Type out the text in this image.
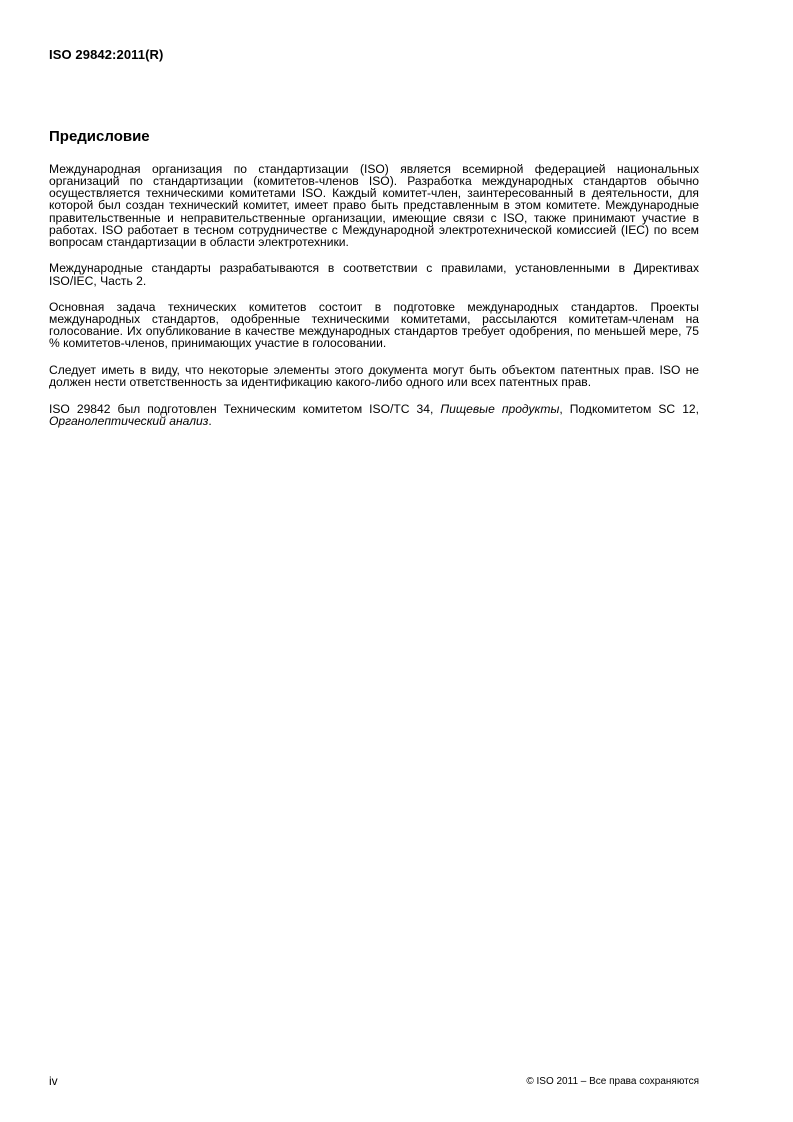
ISO 29842:2011(R)
Предисловие

Международная организация по стандартизации (ISO) является всемирной федерацией национальных организаций по стандартизации (комитетов-членов ISO). Разработка международных стандартов обычно осуществляется техническими комитетами ISO. Каждый комитет-член, заинтересованный в деятельности, для которой был создан технический комитет, имеет право быть представленным в этом комитете. Международные правительственные и неправительственные организации, имеющие связи с ISO, также принимают участие в работах. ISO работает в тесном сотрудничестве с Международной электротехнической комиссией (IEC) по всем вопросам стандартизации в области электротехники.

Международные стандарты разрабатываются в соответствии с правилами, установленными в Директивах ISO/IEC, Часть 2.

Основная задача технических комитетов состоит в подготовке международных стандартов. Проекты международных стандартов, одобренные техническими комитетами, рассылаются комитетам-членам на голосование. Их опубликование в качестве международных стандартов требует одобрения, по меньшей мере, 75 % комитетов-членов, принимающих участие в голосовании.

Следует иметь в виду, что некоторые элементы этого документа могут быть объектом патентных прав. ISO не должен нести ответственность за идентификацию какого-либо одного или всех патентных прав.

ISO 29842 был подготовлен Техническим комитетом ISO/TC 34, Пищевые продукты, Подкомитетом SC 12, Органолептический анализ.

iv	© ISO 2011 – Все права сохраняются
